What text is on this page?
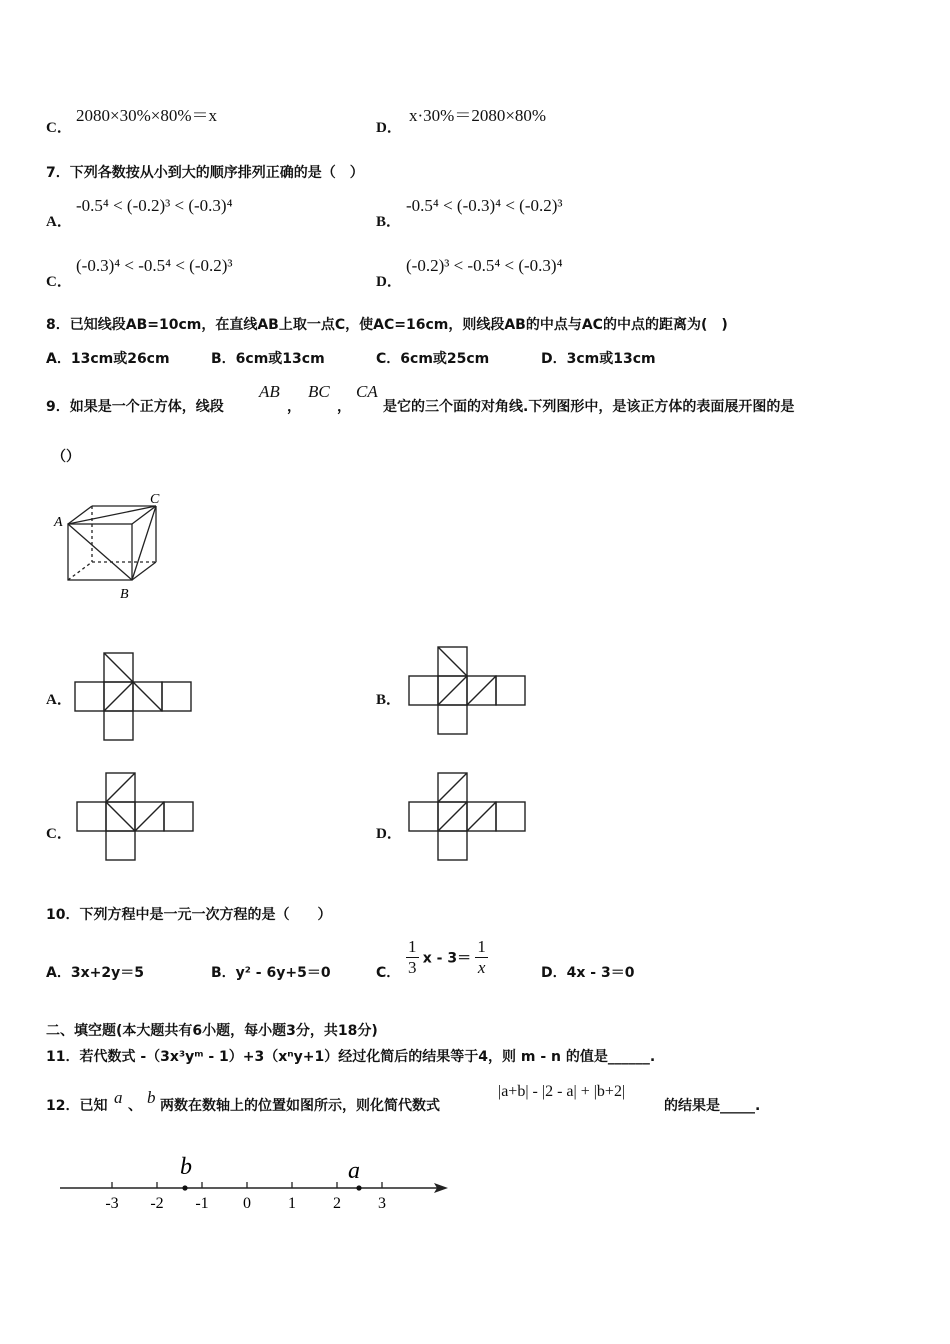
C．
2080×30%×80%＝x
D．
x·30%＝2080×80%
7．下列各数按从小到大的顺序排列正确的是（　）
A．
-0.5⁴ < (-0.2)³ < (-0.3)⁴
B．
-0.5⁴ < (-0.3)⁴ < (-0.2)³
C．
(-0.3)⁴ < -0.5⁴ < (-0.2)³
D．
(-0.2)³ < -0.5⁴ < (-0.3)⁴
8．已知线段AB=10cm，在直线AB上取一点C，使AC=16cm，则线段AB的中点与AC的中点的距离为(　)
A．13cm或26cm	B．6cm或13cm	C．6cm或25cm	D．3cm或13cm
9．如果是一个正方体，线段
AB
，
BC
，
CA
是它的三个面的对角线.下列图形中，是该正方体的表面展开图的是
（）
A
B
C
A．	B．
C．	D．
10．下列方程中是一元一次方程的是（　　）
A．3x+2y＝5	B．y² - 6y+5＝0	C． $\frac{1}{3}$ $x - 3= \frac{1}{x}$	D．4x - 3＝0
二、填空题(本大题共有6小题，每小题3分，共18分)
11．若代数式 -（3x³yᵐ - 1）+3（xⁿy+1）经过化简后的结果等于4，则 m - n 的值是______.
12．已知 a 、 b 两数在数轴上的位置如图所示，则化简代数式
|a+b| - |2 - a| + |b+2|
的结果是_____.
-3 -2 -1 0 1 2 3
b	a
